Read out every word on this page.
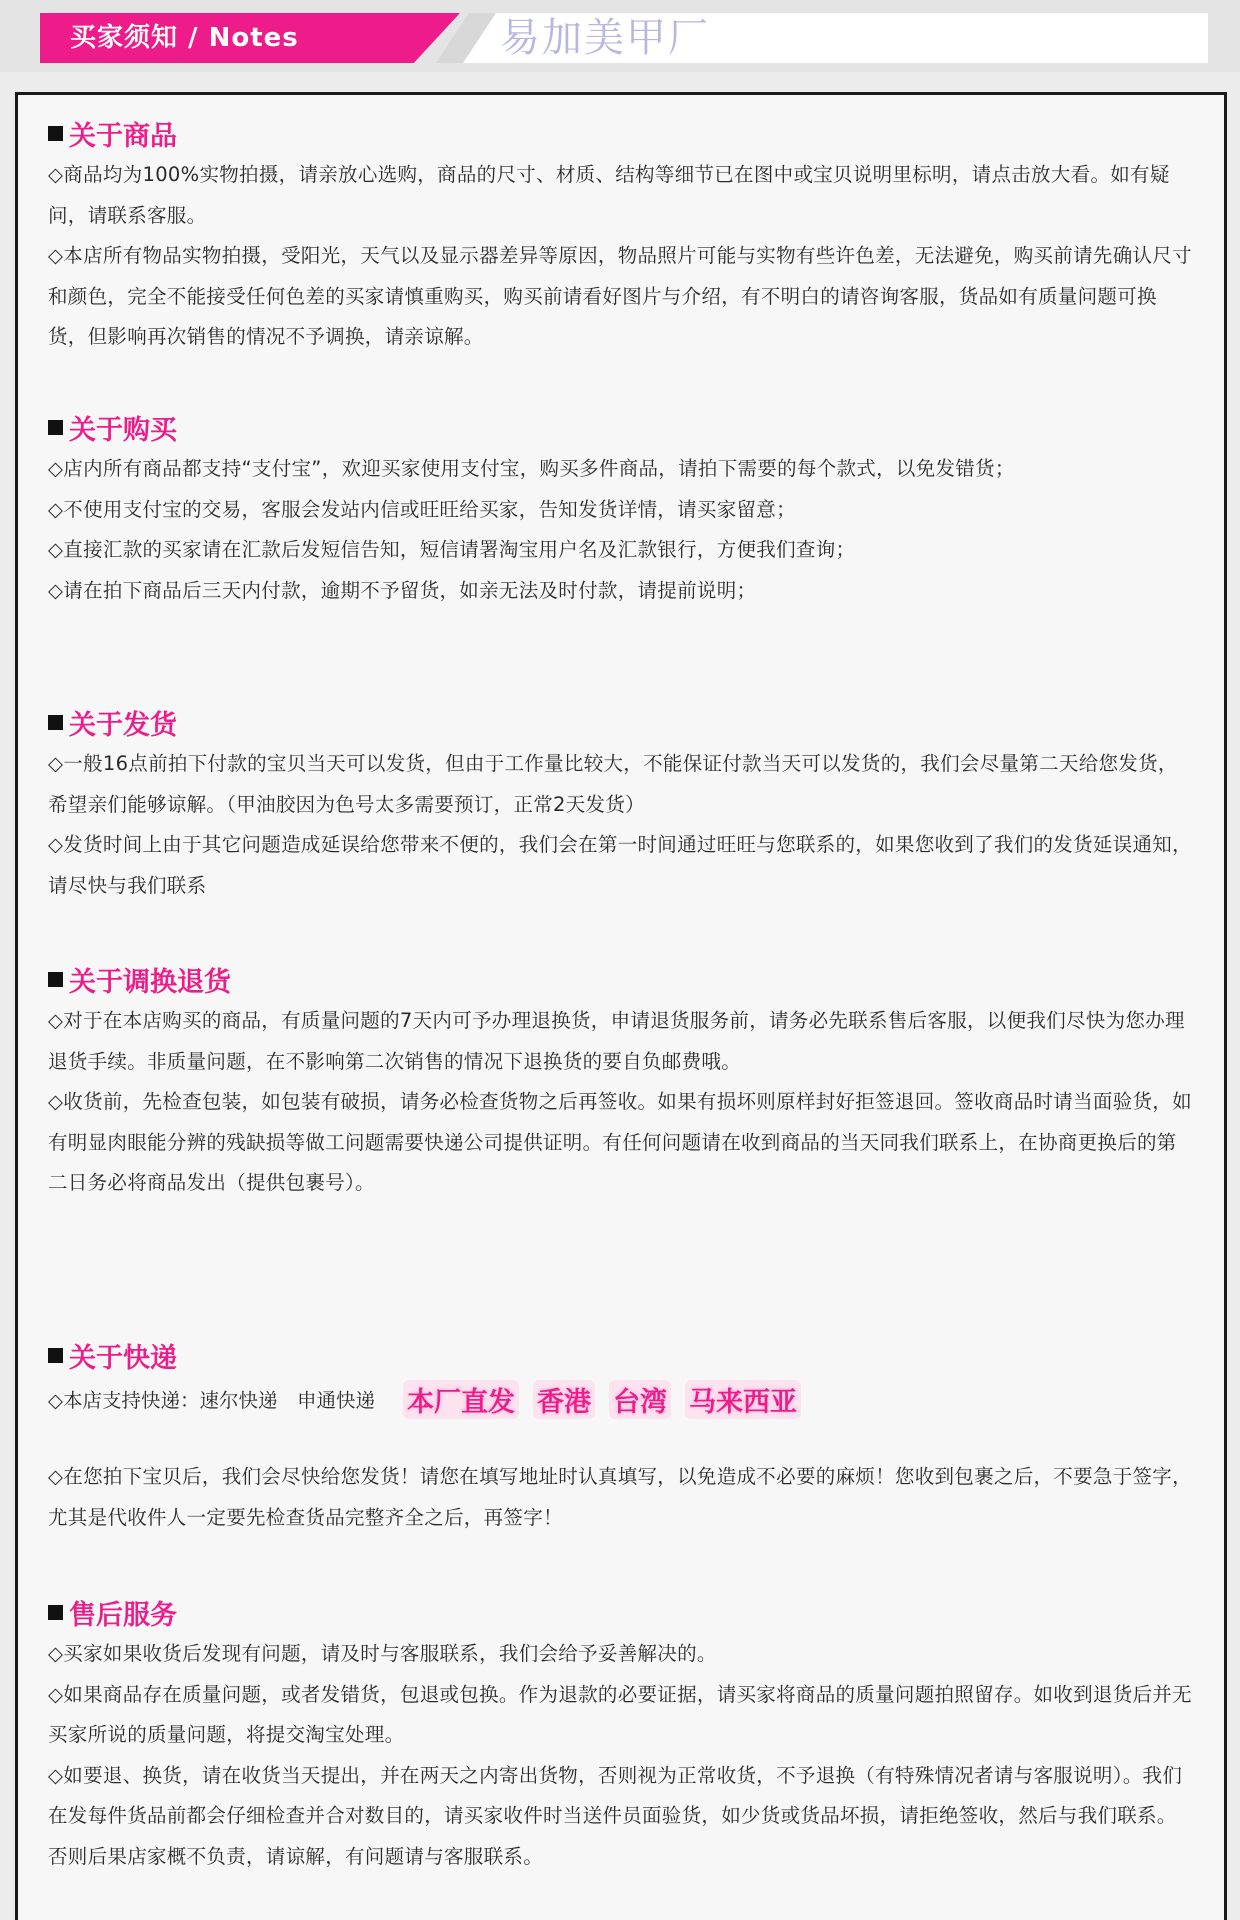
买家须知 / Notes	易加美甲厂
关于商品

◇商品均为100%实物拍摄，请亲放心选购，商品的尺寸、材质、结构等细节已在图中或宝贝说明里标明，请点击放大看。如有疑问，请联系客服。

◇本店所有物品实物拍摄，受阳光，天气以及显示器差异等原因，物品照片可能与实物有些许色差，无法避免，购买前请先确认尺寸和颜色，完全不能接受任何色差的买家请慎重购买，购买前请看好图片与介绍，有不明白的请咨询客服，货品如有质量问题可换货，但影响再次销售的情况不予调换，请亲谅解。

关于购买

◇店内所有商品都支持“支付宝”，欢迎买家使用支付宝，购买多件商品，请拍下需要的每个款式，以免发错货；

◇不使用支付宝的交易，客服会发站内信或旺旺给买家，告知发货详情，请买家留意；

◇直接汇款的买家请在汇款后发短信告知，短信请署淘宝用户名及汇款银行，方便我们查询；

◇请在拍下商品后三天内付款，逾期不予留货，如亲无法及时付款，请提前说明；

关于发货

◇一般16点前拍下付款的宝贝当天可以发货，但由于工作量比较大，不能保证付款当天可以发货的，我们会尽量第二天给您发货，希望亲们能够谅解。（甲油胶因为色号太多需要预订，正常2天发货）

◇发货时间上由于其它问题造成延误给您带来不便的，我们会在第一时间通过旺旺与您联系的，如果您收到了我们的发货延误通知，请尽快与我们联系

关于调换退货

◇对于在本店购买的商品，有质量问题的7天内可予办理退换货，申请退货服务前，请务必先联系售后客服，以便我们尽快为您办理退货手续。非质量问题，在不影响第二次销售的情况下退换货的要自负邮费哦。

◇收货前，先检查包装，如包装有破损，请务必检查货物之后再签收。如果有损坏则原样封好拒签退回。签收商品时请当面验货，如有明显肉眼能分辨的残缺损等做工问题需要快递公司提供证明。有任何问题请在收到商品的当天同我们联系上，在协商更换后的第二日务必将商品发出（提供包裹号）。

关于快递
◇本店支持快递：速尔快递　申通快递 本厂直发 香港 台湾 马来西亚

◇在您拍下宝贝后，我们会尽快给您发货！请您在填写地址时认真填写，以免造成不必要的麻烦！您收到包裹之后，不要急于签字，尤其是代收件人一定要先检查货品完整齐全之后，再签字！

售后服务

◇买家如果收货后发现有问题，请及时与客服联系，我们会给予妥善解决的。

◇如果商品存在质量问题，或者发错货，包退或包换。作为退款的必要证据，请买家将商品的质量问题拍照留存。如收到退货后并无买家所说的质量问题，将提交淘宝处理。

◇如要退、换货，请在收货当天提出，并在两天之内寄出货物，否则视为正常收货，不予退换（有特殊情况者请与客服说明）。我们在发每件货品前都会仔细检查并合对数目的，请买家收件时当送件员面验货，如少货或货品坏损，请拒绝签收，然后与我们联系。否则后果店家概不负责，请谅解，有问题请与客服联系。
